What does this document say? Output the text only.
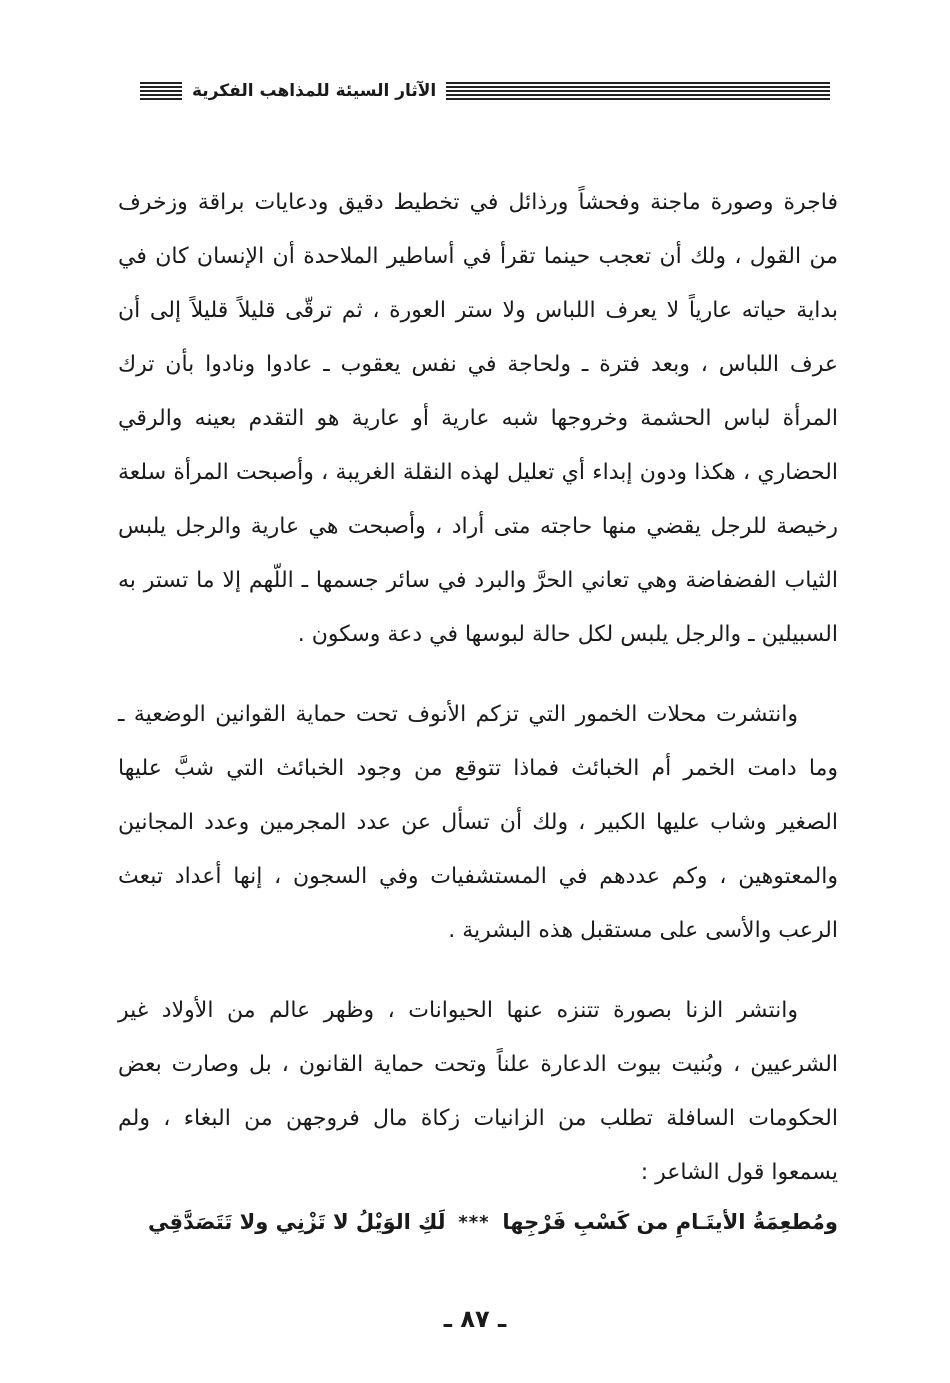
الآثار السيئة للمذاهب الفكرية

فاجرة وصورة ماجنة وفحشاً ورذائل في تخطيط دقيق ودعايات براقة وزخرف من القول ، ولك أن تعجب حينما تقرأ في أساطير الملاحدة أن الإنسان كان في بداية حياته عارياً لا يعرف اللباس ولا ستر العورة ، ثم ترقّى قليلاً قليلاً إلى أن عرف اللباس ، وبعد فترة ـ ولحاجة في نفس يعقوب ـ عادوا ونادوا بأن ترك المرأة لباس الحشمة وخروجها شبه عارية أو عارية هو التقدم بعينه والرقي الحضاري ، هكذا ودون إبداء أي تعليل لهذه النقلة الغريبة ، وأصبحت المرأة سلعة رخيصة للرجل يقضي منها حاجته متى أراد ، وأصبحت هي عارية والرجل يلبس الثياب الفضفاضة وهي تعاني الحرَّ والبرد في سائر جسمها ـ اللّهم إلا ما تستر به السبيلين ـ والرجل يلبس لكل حالة لبوسها في دعة وسكون .

وانتشرت محلات الخمور التي تزكم الأنوف تحت حماية القوانين الوضعية ـ وما دامت الخمر أم الخبائث فماذا تتوقع من وجود الخبائث التي شبَّ عليها الصغير وشاب عليها الكبير ، ولك أن تسأل عن عدد المجرمين وعدد المجانين والمعتوهين ، وكم عددهم في المستشفيات وفي السجون ، إنها أعداد تبعث الرعب والأسى على مستقبل هذه البشرية .

وانتشر الزنا بصورة تتنزه عنها الحيوانات ، وظهر عالم من الأولاد غير الشرعيين ، وبُنيت بيوت الدعارة علناً وتحت حماية القانون ، بل وصارت بعض الحكومات السافلة تطلب من الزانيات زكاة مال فروجهن من البغاء ، ولم يسمعوا قول الشاعر :

ومُطعِمَةُ الأيتَـامِ من كَسْبِ فَرْجِها
***
لَكِ الوَيْلُ لا تَزْنِي ولا تَتَصَدَّقِي
ـ ٨٧ ـ
